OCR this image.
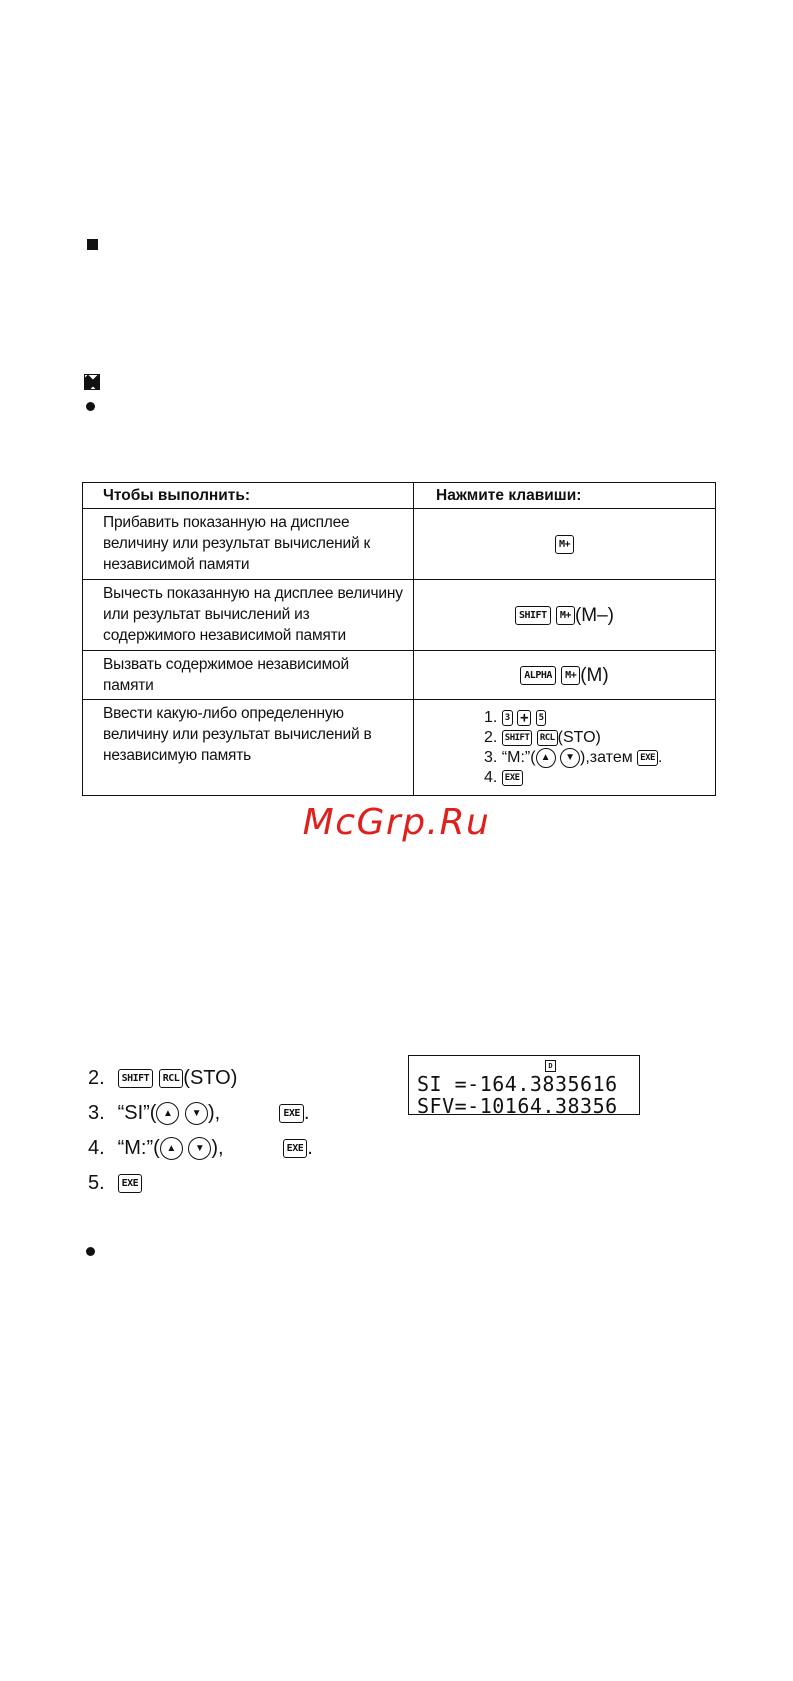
Чтобы выполнить:	Нажмите клавиши:
Прибавить показанную на дисплее величину или результат вычислений к независимой памяти	M+
Вычесть показанную на дисплее величину или результат вычислений из содержимого независимой памяти	SHIFT M+ (M–)
Вызвать содержимое независимой памяти	ALPHA M+ (M)
Ввести какую-либо определенную величину или результат вычислений в независимую память	1. 3 + 5
2. SHIFT RCL (STO)
3. “M:”( ▲ ▼ ),затем EXE .
4. EXE
McGrp.Ru
2. SHIFT RCL (STO)
3. “SI”( ▲ ▼ ),	EXE .
4. “M:”( ▲ ▼ ),	EXE .
5. EXE
D
SI =-164.3835616
SFV=-10164.38356
